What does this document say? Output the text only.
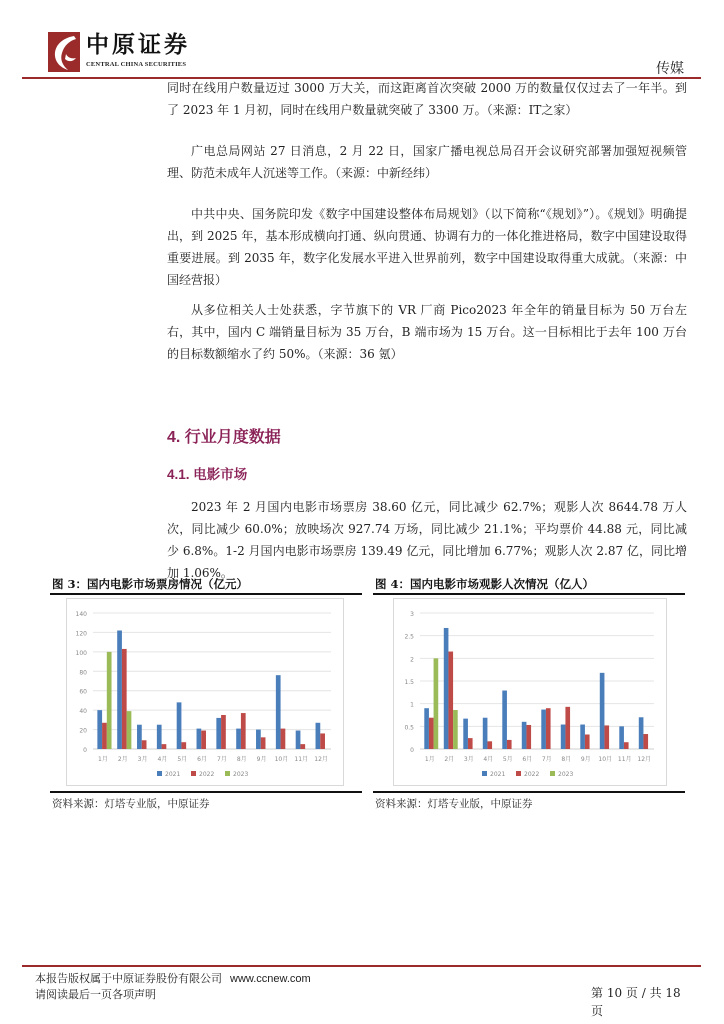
中原证券
CENTRAL CHINA SECURITIES	传媒

同时在线用户数量迈过 3000 万大关，而这距离首次突破 2000 万的数量仅仅过去了一年半。到了 2023 年 1 月初，同时在线用户数量就突破了 3300 万。（来源：IT之家）

广电总局网站 27 日消息，2 月 22 日，国家广播电视总局召开会议研究部署加强短视频管理、防范未成年人沉迷等工作。（来源：中新经纬）

中共中央、国务院印发《数字中国建设整体布局规划》（以下简称“《规划》”）。《规划》明确提出，到 2025 年，基本形成横向打通、纵向贯通、协调有力的一体化推进格局，数字中国建设取得重要进展。到 2035 年，数字化发展水平进入世界前列，数字中国建设取得重大成就。（来源：中国经营报）

从多位相关人士处获悉，字节旗下的 VR 厂商 Pico2023 年全年的销量目标为 50 万台左右，其中，国内 C 端销量目标为 35 万台，B 端市场为 15 万台。这一目标相比于去年 100 万台的目标数额缩水了约 50%。（来源：36 氪）

4. 行业月度数据
4.1. 电影市场

2023 年 2 月国内电影市场票房 38.60 亿元，同比减少 62.7%；观影人次 8644.78 万人次，同比减少 60.0%；放映场次 927.74 万场，同比减少 21.1%；平均票价 44.88 元，同比减少 6.8%。1-2 月国内电影市场票房 139.49 亿元，同比增加 6.77%；观影人次 2.87 亿，同比增加 1.06%。

图 3：国内电影市场票房情况（亿元）
0
20
40
60
80
100
120
140
1月 2月 3月 4月 5月 6月 7月 8月 9月 10月 11月 12月
2021	2022	2023
资料来源：灯塔专业版，中原证券
图 4：国内电影市场观影人次情况（亿人）
0
0.5
1
1.5
2
2.5
3
1月 2月 3月 4月 5月 6月 7月 8月 9月 10月 11月 12月
2021	2022	2023
资料来源：灯塔专业版，中原证券
本报告版权属于中原证券股份有限公司 www.ccnew.com
请阅读最后一页各项声明	第 10 页 / 共 18 页
